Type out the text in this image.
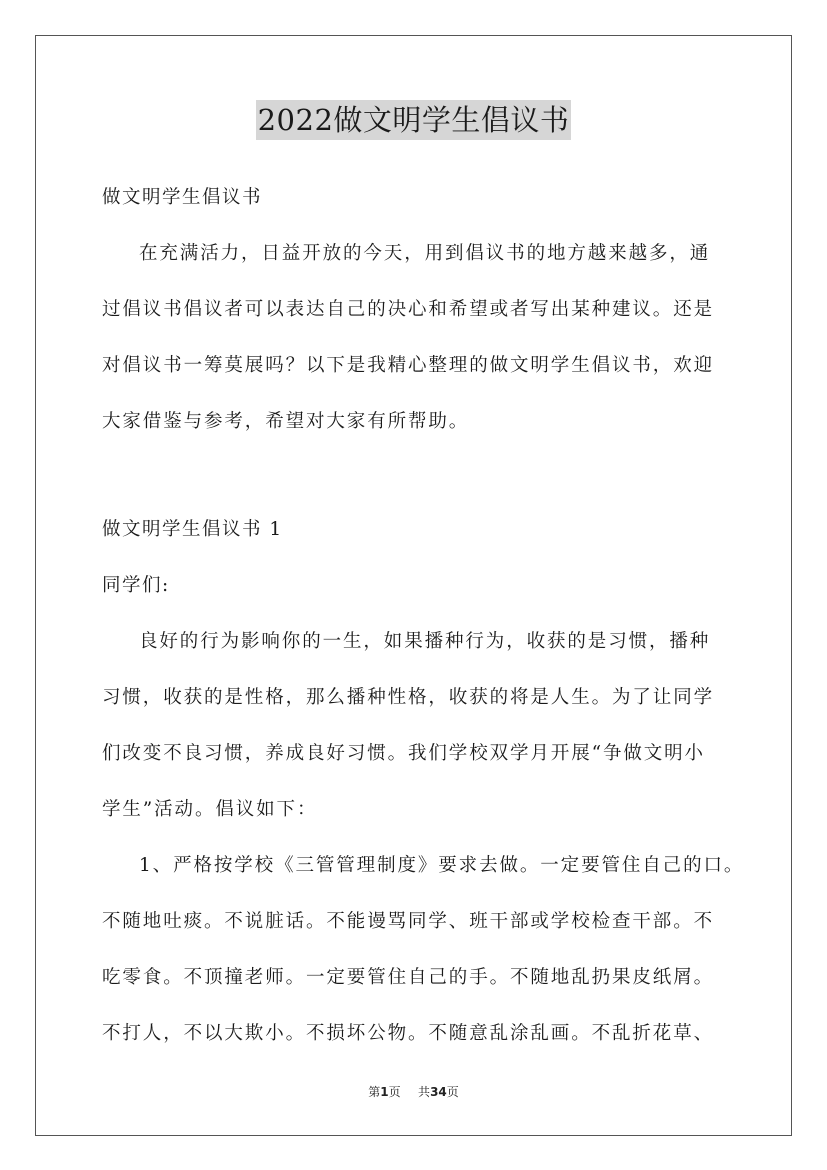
2022做文明学生倡议书

做文明学生倡议书

在充满活力，日益开放的今天，用到倡议书的地方越来越多，通
过倡议书倡议者可以表达自己的决心和希望或者写出某种建议。还是
对倡议书一筹莫展吗？以下是我精心整理的做文明学生倡议书，欢迎
大家借鉴与参考，希望对大家有所帮助。

做文明学生倡议书 1

同学们:

良好的行为影响你的一生，如果播种行为，收获的是习惯，播种
习惯，收获的是性格，那么播种性格，收获的将是人生。为了让同学
们改变不良习惯，养成良好习惯。我们学校双学月开展“争做文明小
学生”活动。倡议如下：
1、严格按学校《三管管理制度》要求去做。一定要管住自己的口。
不随地吐痰。不说脏话。不能谩骂同学、班干部或学校检查干部。不
吃零食。不顶撞老师。一定要管住自己的手。不随地乱扔果皮纸屑。
不打人，不以大欺小。不损坏公物。不随意乱涂乱画。不乱折花草、
第1页 共34页
